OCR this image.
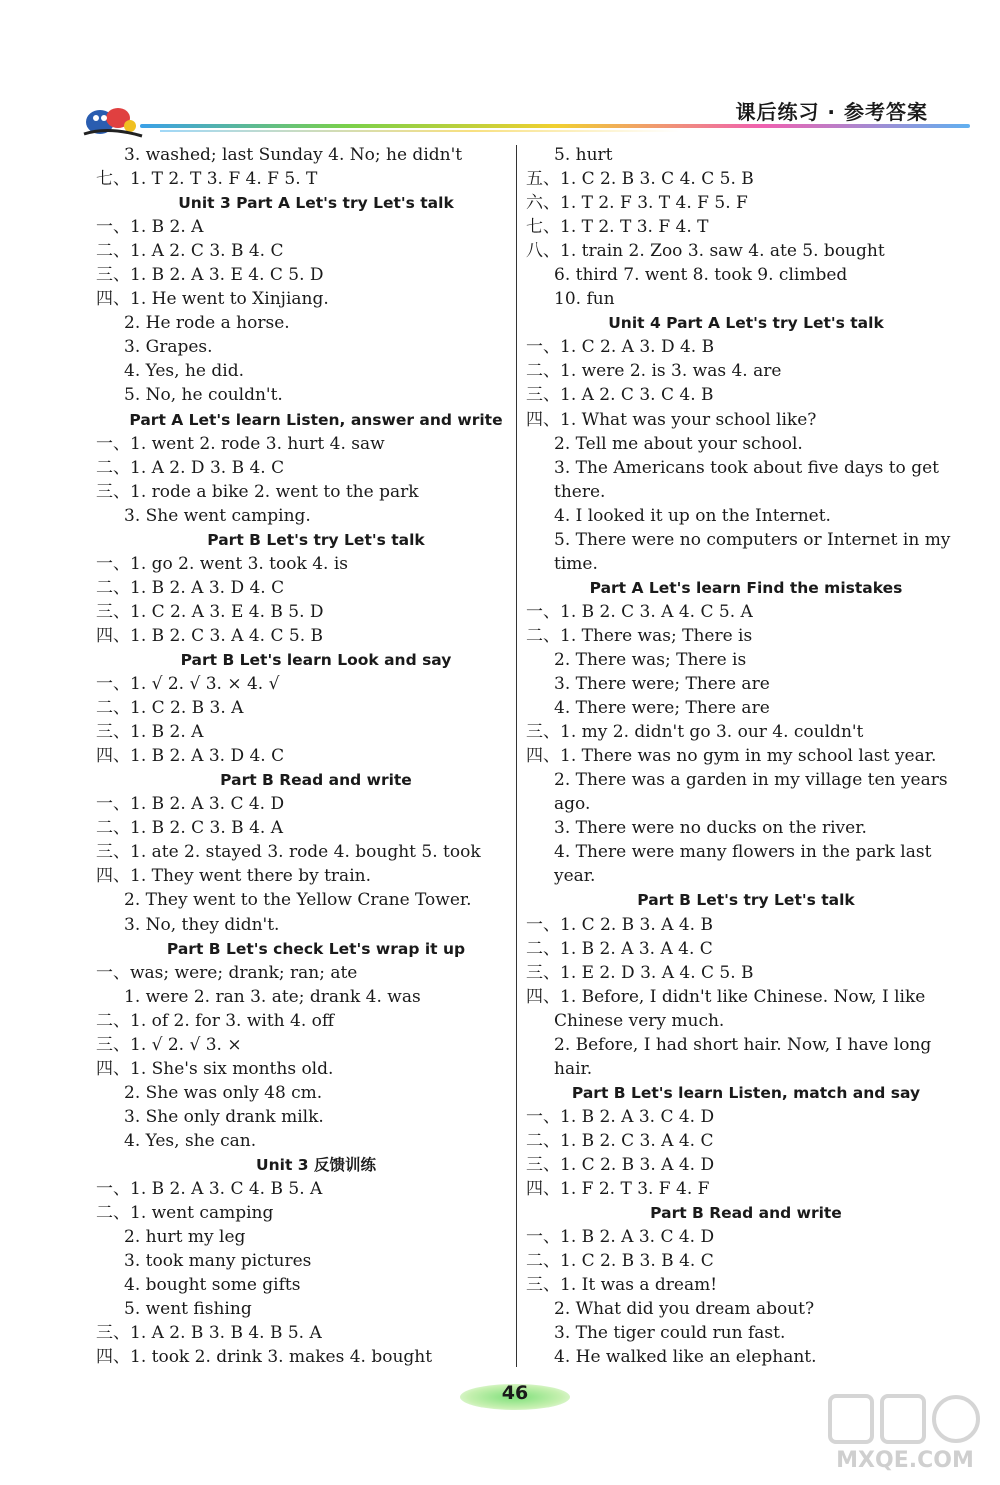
课后练习 · 参考答案
3. washed; last Sunday 4. No; he didn't
七、1. T 2. T 3. F 4. F 5. T
Unit 3 Part A Let's try Let's talk
一、1. B 2. A
二、1. A 2. C 3. B 4. C
三、1. B 2. A 3. E 4. C 5. D
四、1. He went to Xinjiang.
2. He rode a horse.
3. Grapes.
4. Yes, he did.
5. No, he couldn't.
Part A Let's learn Listen, answer and write
一、1. went 2. rode 3. hurt 4. saw
二、1. A 2. D 3. B 4. C
三、1. rode a bike 2. went to the park
3. She went camping.
Part B Let's try Let's talk
一、1. go 2. went 3. took 4. is
二、1. B 2. A 3. D 4. C
三、1. C 2. A 3. E 4. B 5. D
四、1. B 2. C 3. A 4. C 5. B
Part B Let's learn Look and say
一、1. √ 2. √ 3. × 4. √
二、1. C 2. B 3. A
三、1. B 2. A
四、1. B 2. A 3. D 4. C
Part B Read and write
一、1. B 2. A 3. C 4. D
二、1. B 2. C 3. B 4. A
三、1. ate 2. stayed 3. rode 4. bought 5. took
四、1. They went there by train.
2. They went to the Yellow Crane Tower.
3. No, they didn't.
Part B Let's check Let's wrap it up
一、was; were; drank; ran; ate
1. were 2. ran 3. ate; drank 4. was
二、1. of 2. for 3. with 4. off
三、1. √ 2. √ 3. ×
四、1. She's six months old.
2. She was only 48 cm.
3. She only drank milk.
4. Yes, she can.
Unit 3 反馈训练
一、1. B 2. A 3. C 4. B 5. A
二、1. went camping
2. hurt my leg
3. took many pictures
4. bought some gifts
5. went fishing
三、1. A 2. B 3. B 4. B 5. A
四、1. took 2. drink 3. makes 4. bought
5. hurt
五、1. C 2. B 3. C 4. C 5. B
六、1. T 2. F 3. T 4. F 5. F
七、1. T 2. T 3. F 4. T
八、1. train 2. Zoo 3. saw 4. ate 5. bought
6. third 7. went 8. took 9. climbed
10. fun
Unit 4 Part A Let's try Let's talk
一、1. C 2. A 3. D 4. B
二、1. were 2. is 3. was 4. are
三、1. A 2. C 3. C 4. B
四、1. What was your school like?
2. Tell me about your school.
3. The Americans took about five days to get
there.
4. I looked it up on the Internet.
5. There were no computers or Internet in my
time.
Part A Let's learn Find the mistakes
一、1. B 2. C 3. A 4. C 5. A
二、1. There was; There is
2. There was; There is
3. There were; There are
4. There were; There are
三、1. my 2. didn't go 3. our 4. couldn't
四、1. There was no gym in my school last year.
2. There was a garden in my village ten years
ago.
3. There were no ducks on the river.
4. There were many flowers in the park last
year.
Part B Let's try Let's talk
一、1. C 2. B 3. A 4. B
二、1. B 2. A 3. A 4. C
三、1. E 2. D 3. A 4. C 5. B
四、1. Before, I didn't like Chinese. Now, I like
Chinese very much.
2. Before, I had short hair. Now, I have long
hair.
Part B Let's learn Listen, match and say
一、1. B 2. A 3. C 4. D
二、1. B 2. C 3. A 4. C
三、1. C 2. B 3. A 4. D
四、1. F 2. T 3. F 4. F
Part B Read and write
一、1. B 2. A 3. C 4. D
二、1. C 2. B 3. B 4. C
三、1. It was a dream!
2. What did you dream about?
3. The tiger could run fast.
4. He walked like an elephant.
46
MXQE.COM
